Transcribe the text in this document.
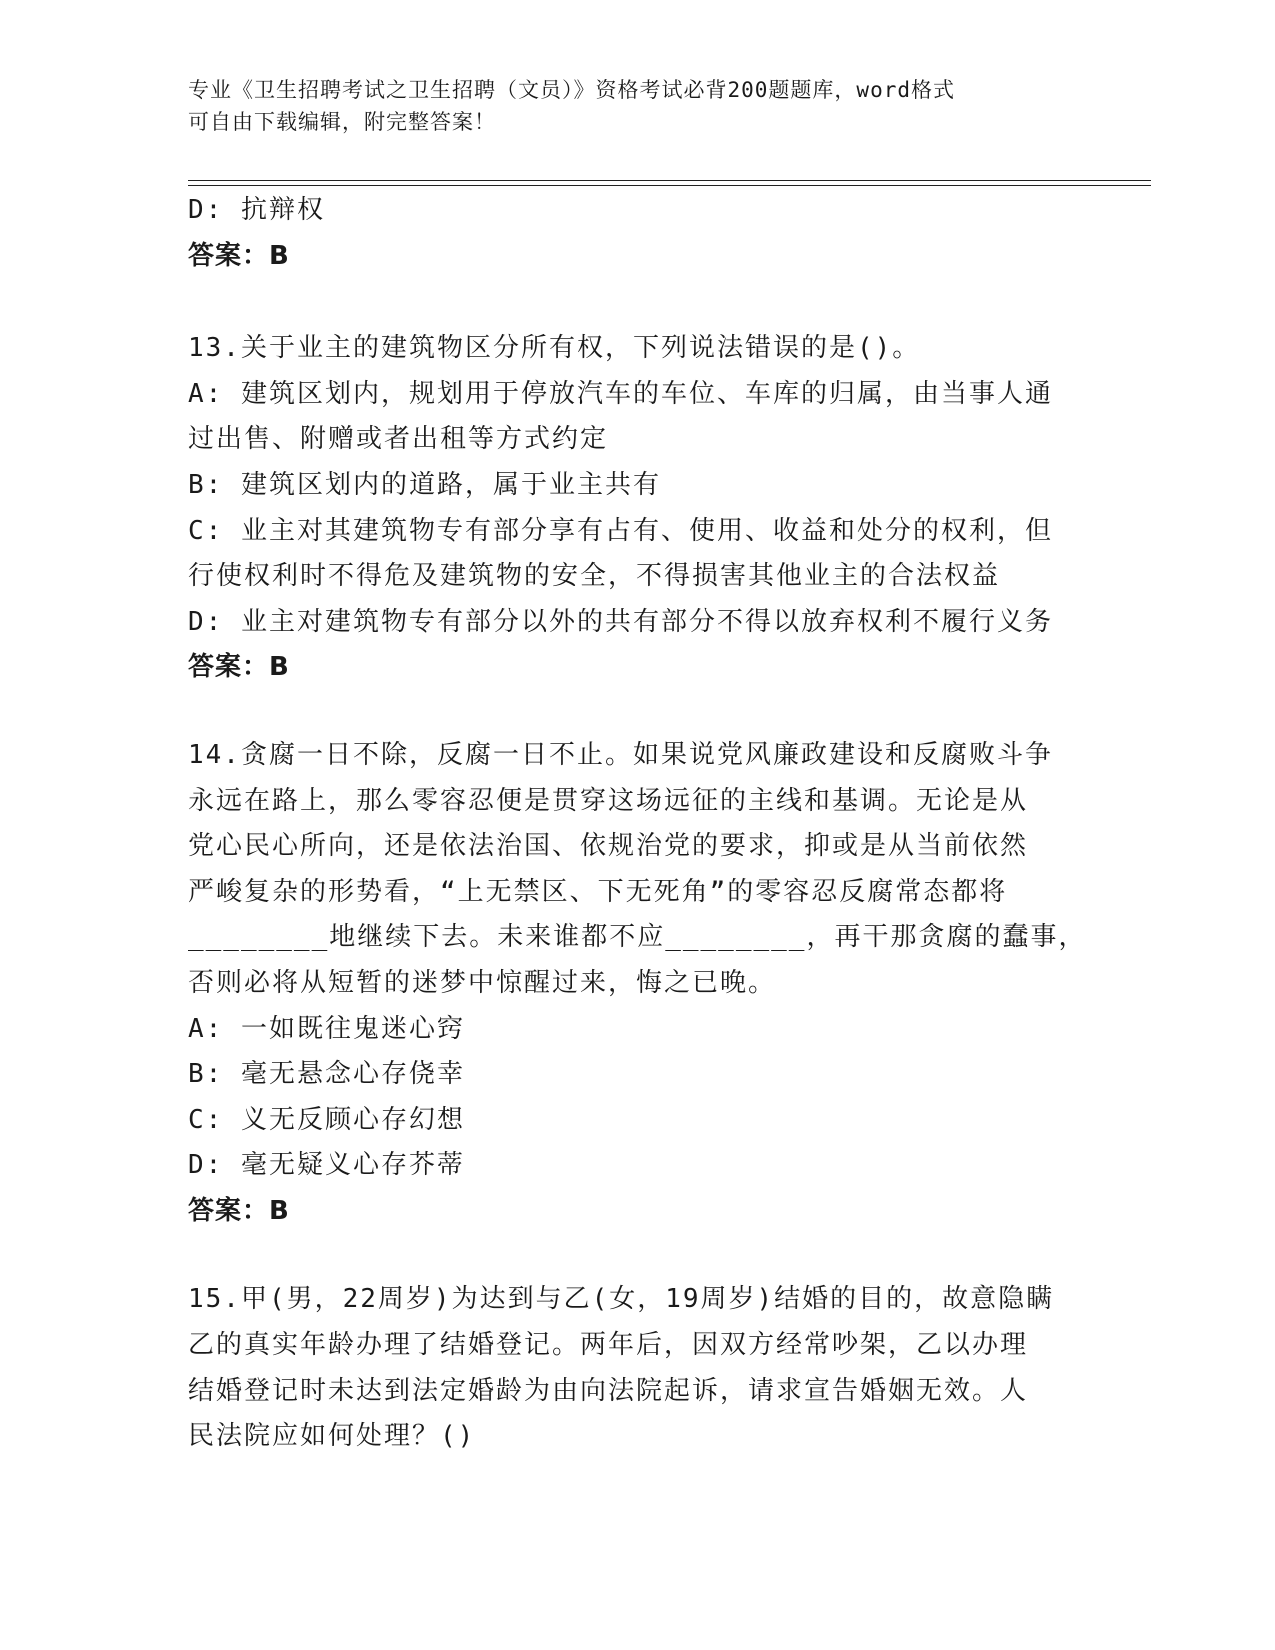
专业《卫生招聘考试之卫生招聘（文员）》资格考试必背200题题库，word格式
可自由下载编辑，附完整答案！
D: 抗辩权
答案：B
13.关于业主的建筑物区分所有权，下列说法错误的是()。
A: 建筑区划内，规划用于停放汽车的车位、车库的归属，由当事人通
过出售、附赠或者出租等方式约定
B: 建筑区划内的道路，属于业主共有
C: 业主对其建筑物专有部分享有占有、使用、收益和处分的权利，但
行使权利时不得危及建筑物的安全，不得损害其他业主的合法权益
D: 业主对建筑物专有部分以外的共有部分不得以放弃权利不履行义务
答案：B
14.贪腐一日不除，反腐一日不止。如果说党风廉政建设和反腐败斗争
永远在路上，那么零容忍便是贯穿这场远征的主线和基调。无论是从
党心民心所向，还是依法治国、依规治党的要求，抑或是从当前依然
严峻复杂的形势看，“上无禁区、下无死角”的零容忍反腐常态都将
________地继续下去。未来谁都不应________，再干那贪腐的蠢事，
否则必将从短暂的迷梦中惊醒过来，悔之已晚。
A: 一如既往鬼迷心窍
B: 毫无悬念心存侥幸
C: 义无反顾心存幻想
D: 毫无疑义心存芥蒂
答案：B
15.甲(男，22周岁)为达到与乙(女，19周岁)结婚的目的，故意隐瞒
乙的真实年龄办理了结婚登记。两年后，因双方经常吵架，乙以办理
结婚登记时未达到法定婚龄为由向法院起诉，请求宣告婚姻无效。人
民法院应如何处理？()
